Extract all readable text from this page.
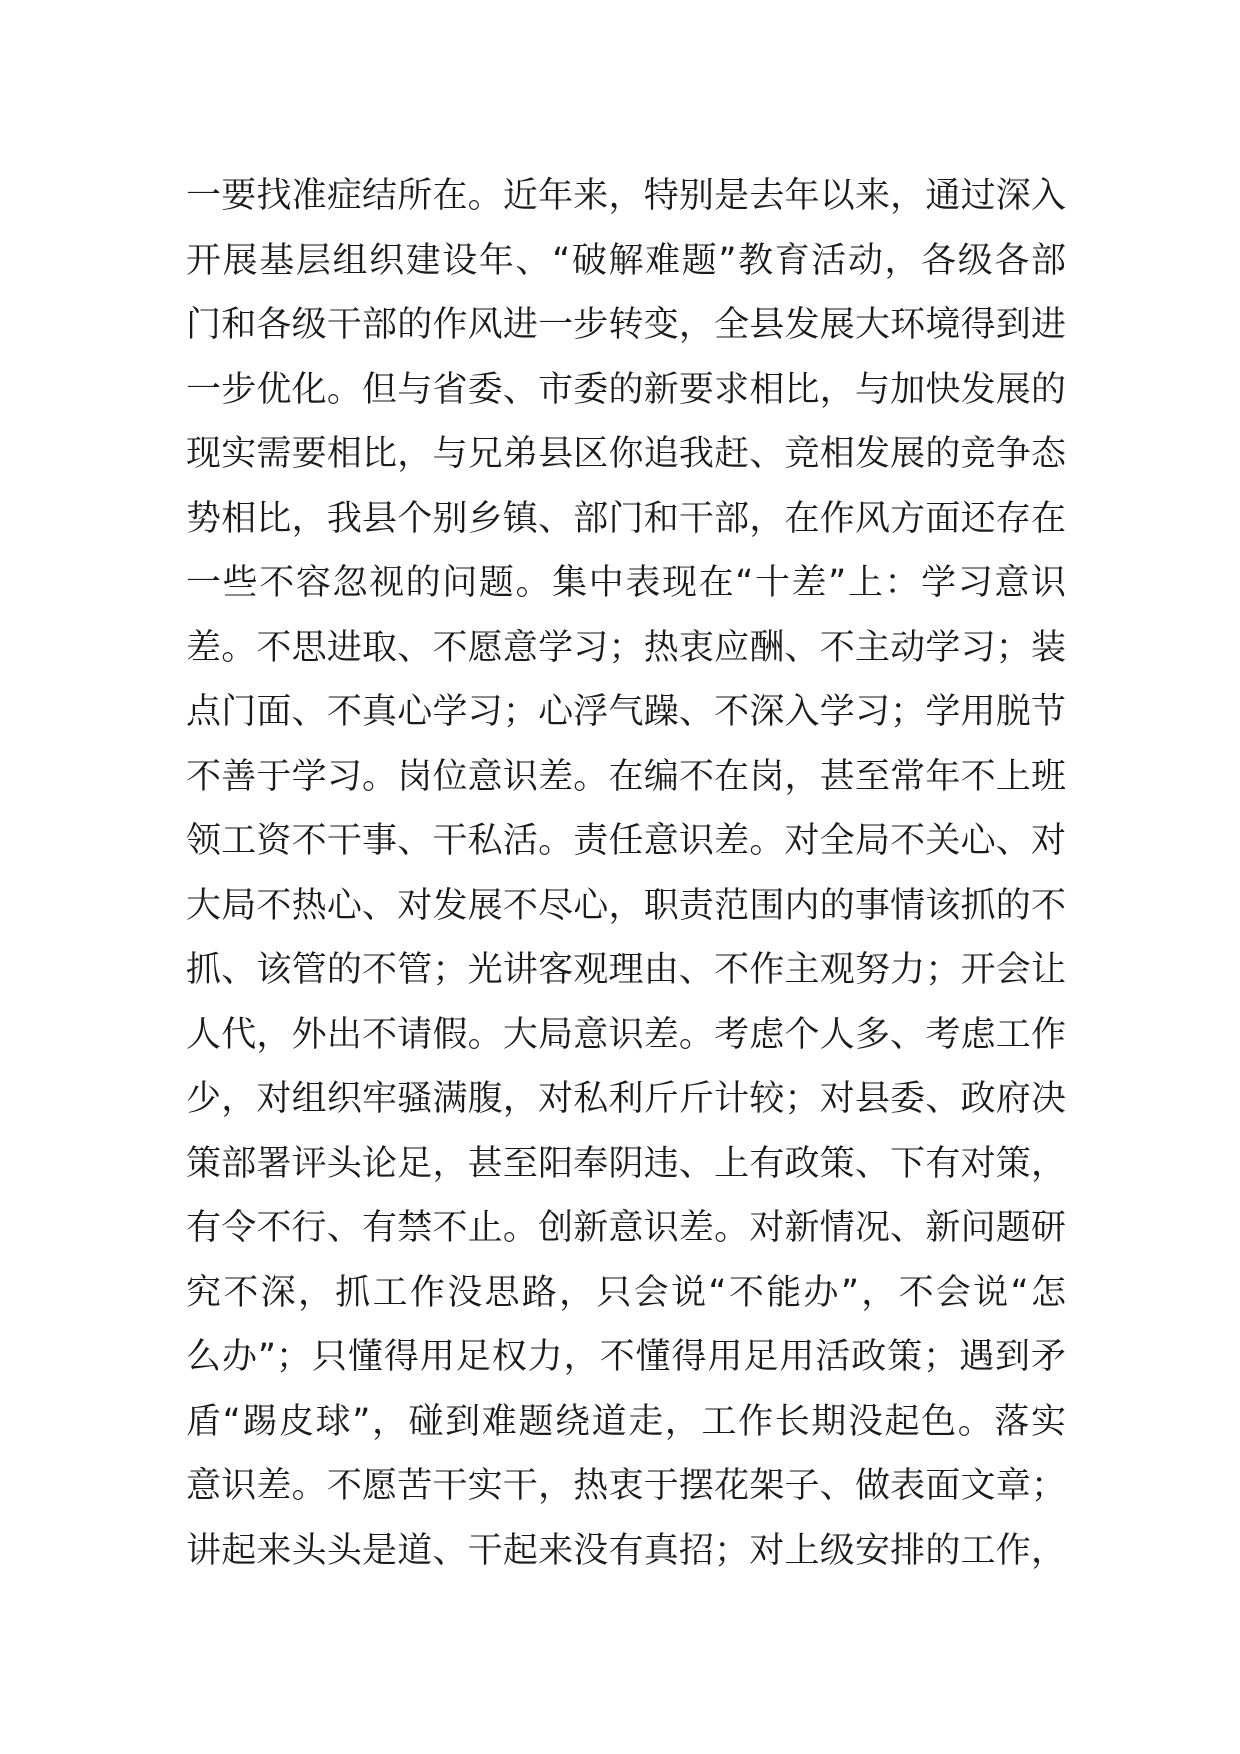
一要找准症结所在。近年来，特别是去年以来，通过深入
开展基层组织建设年、“破解难题”教育活动，各级各部
门和各级干部的作风进一步转变，全县发展大环境得到进
一步优化。但与省委、市委的新要求相比，与加快发展的
现实需要相比，与兄弟县区你追我赶、竞相发展的竞争态
势相比，我县个别乡镇、部门和干部，在作风方面还存在
一些不容忽视的问题。集中表现在“十差”上：学习意识
差。不思进取、不愿意学习；热衷应酬、不主动学习；装
点门面、不真心学习；心浮气躁、不深入学习；学用脱节
不善于学习。岗位意识差。在编不在岗，甚至常年不上班
领工资不干事、干私活。责任意识差。对全局不关心、对
大局不热心、对发展不尽心，职责范围内的事情该抓的不
抓、该管的不管；光讲客观理由、不作主观努力；开会让
人代，外出不请假。大局意识差。考虑个人多、考虑工作
少，对组织牢骚满腹，对私利斤斤计较；对县委、政府决
策部署评头论足，甚至阳奉阴违、上有政策、下有对策，
有令不行、有禁不止。创新意识差。对新情况、新问题研
究不深，抓工作没思路，只会说“不能办”，不会说“怎
么办”；只懂得用足权力，不懂得用足用活政策；遇到矛
盾“踢皮球”，碰到难题绕道走，工作长期没起色。落实
意识差。不愿苦干实干，热衷于摆花架子、做表面文章；
讲起来头头是道、干起来没有真招；对上级安排的工作，
